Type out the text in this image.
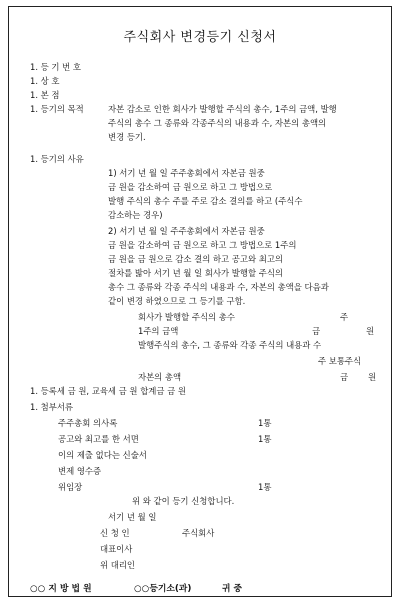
주식회사 변경등기 신청서
1. 등 기 번 호
1. 상 호
1. 본 점
1. 등기의 목적	자본 감소로 인한 회사가 발행할 주식의 총수, 1주의 금액, 발행
주식의 총수 그 종류와 각종주식의 내용과 수, 자본의 총액의
변경 등기.
1. 등기의 사유
1) 서기 년 월 일 주주총회에서 자본금 원중
금 원을 감소하여 금 원으로 하고 그 방법으로
발행 주식의 총수 주를 주로 감소 결의를 하고 (주식수
감소하는 경우)
2) 서기 년 월 일 주주총회에서 자본금 원중
금 원을 감소하여 금 원으로 하고 그 방법으로 1주의
금 원을 금 원으로 감소 결의 하고 공고와 최고의
절차를 밟아 서기 년 월 일 회사가 발행할 주식의
총수 그 종류와 각종 주식의 내용과 수, 자본의 총액을 다음과
같이 변경 하였으므로 그 등기를 구함.
회사가 발행할 주식의 총수	주
1주의 금액	금	원
발행주식의 총수, 그 종류와 각종 주식의 내용과 수
주 보통주식
자본의 총액	금 원
1. 등록세 금 원, 교육세 금 원 합계금 금 원
1. 첨부서류
주주총회 의사록	1통
공고와 최고를 한 서면	1통
이의 제출 없다는 신술서
변제 영수증
위임장	1통
위 와 같이 등기 신청합니다.
서기 년 월 일
신 청 인	주식회사
대표이사
위 대리인
○○ 지 방 법 원	○○등기소(과)	귀 중
